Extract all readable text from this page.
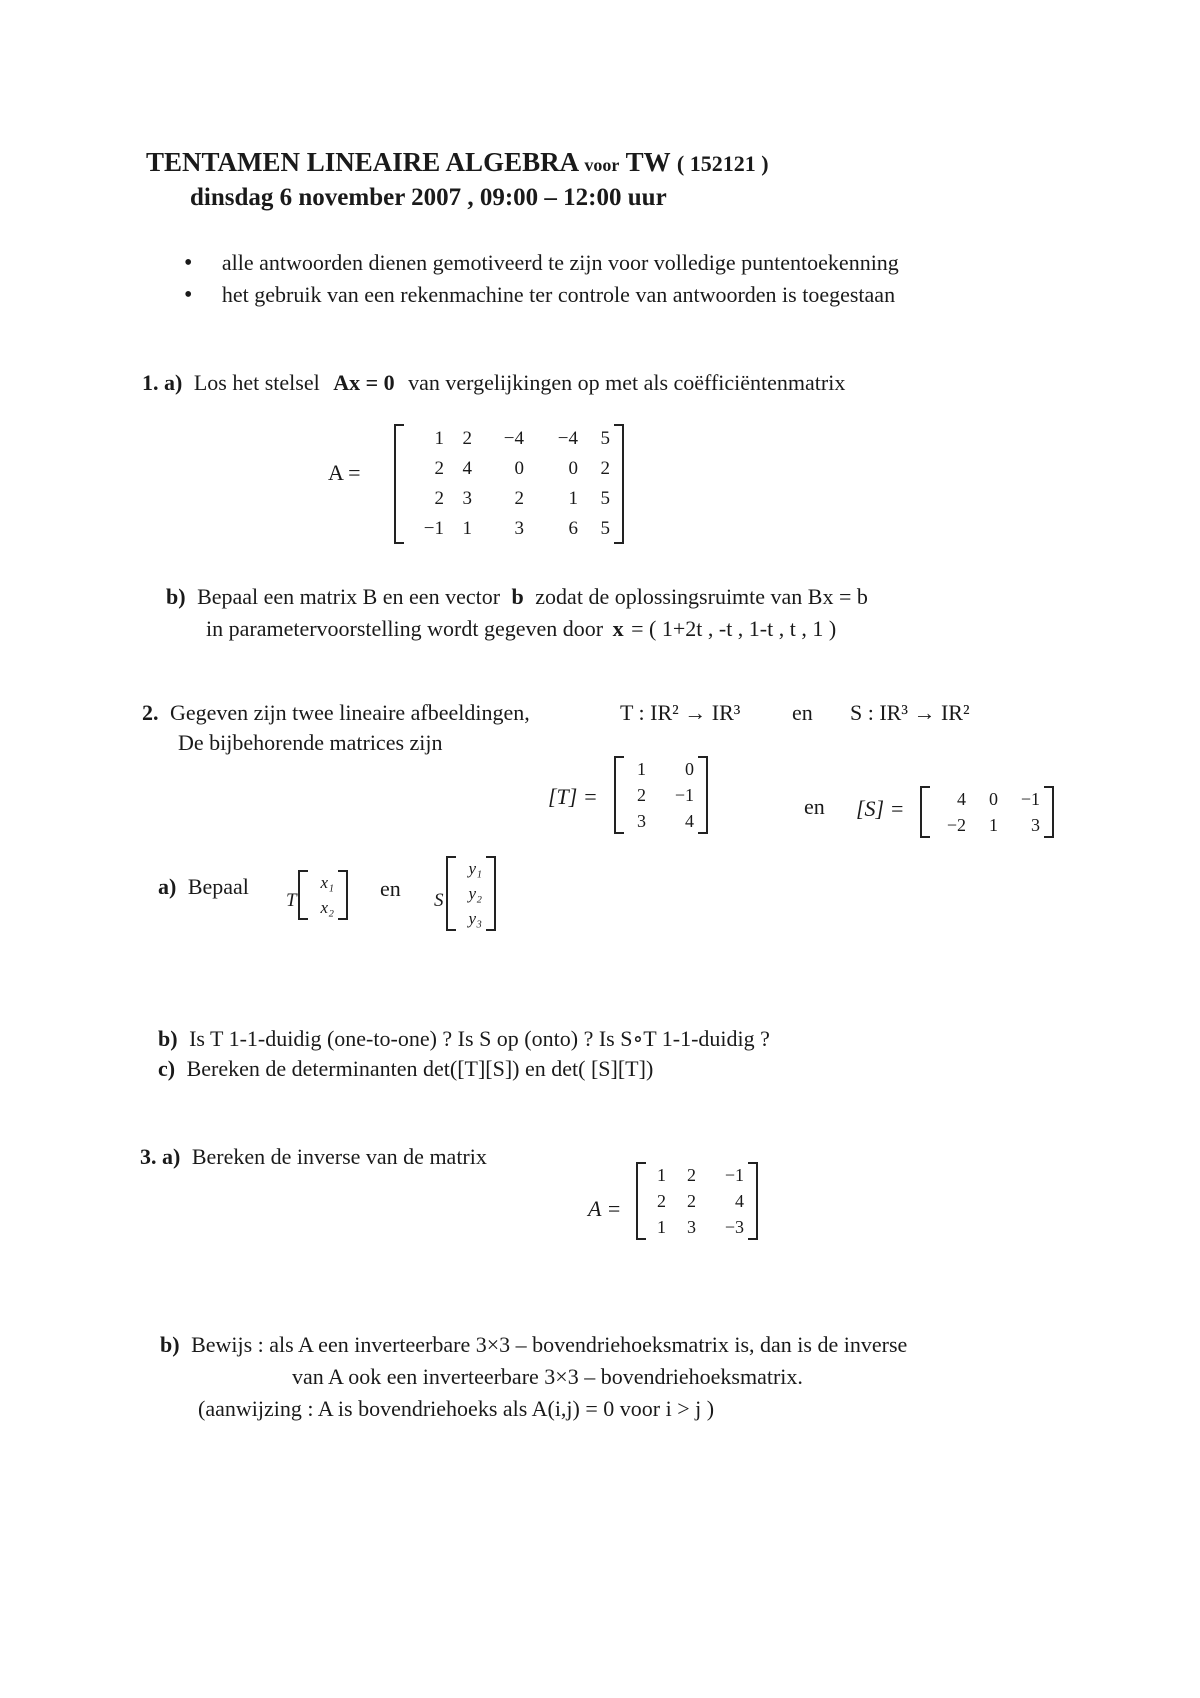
TENTAMEN LINEAIRE ALGEBRA voor TW ( 152121 )
dinsdag 6 november 2007 , 09:00 – 12:00 uur
• alle antwoorden dienen gemotiveerd te zijn voor volledige puntentoekenning
• het gebruik van een rekenmachine ter controle van antwoorden is toegestaan
1. a) Los het stelsel Ax = 0 van vergelijkingen op met als coëfficiëntenmatrix
A =
1 2	−4	−4	5
2 4	0	0	2
2 3	2	1	5
−1 1	3	6	5
b) Bepaal een matrix B en een vector b zodat de oplossingsruimte van Bx = b
in parametervoorstelling wordt gegeven door x = ( 1+2t , -t , 1-t , t , 1 )
2. Gegeven zijn twee lineaire afbeeldingen,	T : IR² → IR³ en S : IR³ → IR²
De bijbehorende matrices zijn
[T] =
1	0
2	−1
3	4
en [S] =	4	0	−1
−2	1	3
a) Bepaal
T
x₁
x₂
en S
y₁
y₂
y₃
b) Is T 1-1-duidig (one-to-one) ? Is S op (onto) ? Is S∘T 1-1-duidig ?
c) Bereken de determinanten det([T][S]) en det( [S][T])
3. a) Bereken de inverse van de matrix
A =
1	2	−1
2	2	4
1	3	−3
b) Bewijs : als A een inverteerbare 3×3 – bovendriehoeksmatrix is, dan is de inverse
van A ook een inverteerbare 3×3 – bovendriehoeksmatrix.
(aanwijzing : A is bovendriehoeks als A(i,j) = 0 voor i > j )
